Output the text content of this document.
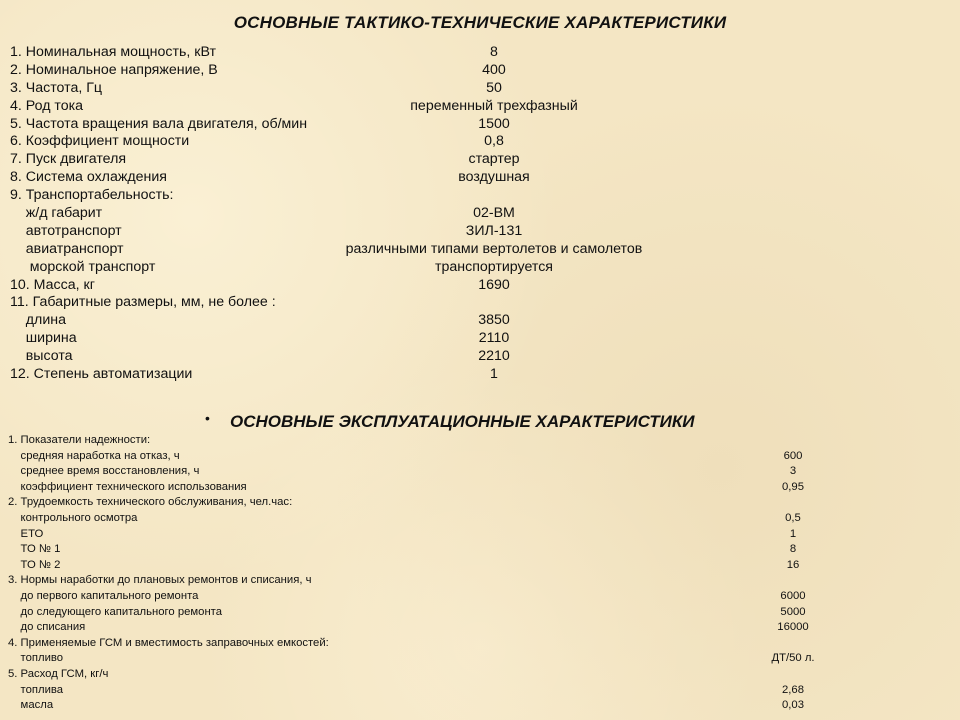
ОСНОВНЫЕ ТАКТИКО-ТЕХНИЧЕСКИЕ ХАРАКТЕРИСТИКИ
1. Номинальная мощность, кВт	8
2. Номинальное напряжение, В	400
3. Частота, Гц	50
4. Род тока	переменный трехфазный
5. Частота вращения вала двигателя, об/мин	1500
6. Коэффициент мощности	0,8
7. Пуск двигателя	стартер
8. Система охлаждения	воздушная
9. Транспортабельность:
ж/д габарит	02-ВМ
автотранспорт	ЗИЛ-131
авиатранспорт	различными типами вертолетов и самолетов
морской транспорт	транспортируется
10. Масса, кг	1690
11. Габаритные размеры, мм, не более :
длина	3850
ширина	2110
высота	2210
12. Степень автоматизации	1
• ОСНОВНЫЕ ЭКСПЛУАТАЦИОННЫЕ ХАРАКТЕРИСТИКИ
1. Показатели надежности:
средняя наработка на отказ, ч	600
среднее время восстановления, ч	3
коэффициент технического использования	0,95
2. Трудоемкость технического обслуживания, чел.час:
контрольного осмотра	0,5
ЕТО	1
ТО № 1	8
ТО № 2	16
3. Нормы наработки до плановых ремонтов и списания, ч
до первого капитального ремонта	6000
до следующего капитального ремонта	5000
до списания	16000
4. Применяемые ГСМ и вместимость заправочных емкостей:
топливо	ДТ/50 л.
5. Расход ГСМ, кг/ч
топлива	2,68
масла	0,03
